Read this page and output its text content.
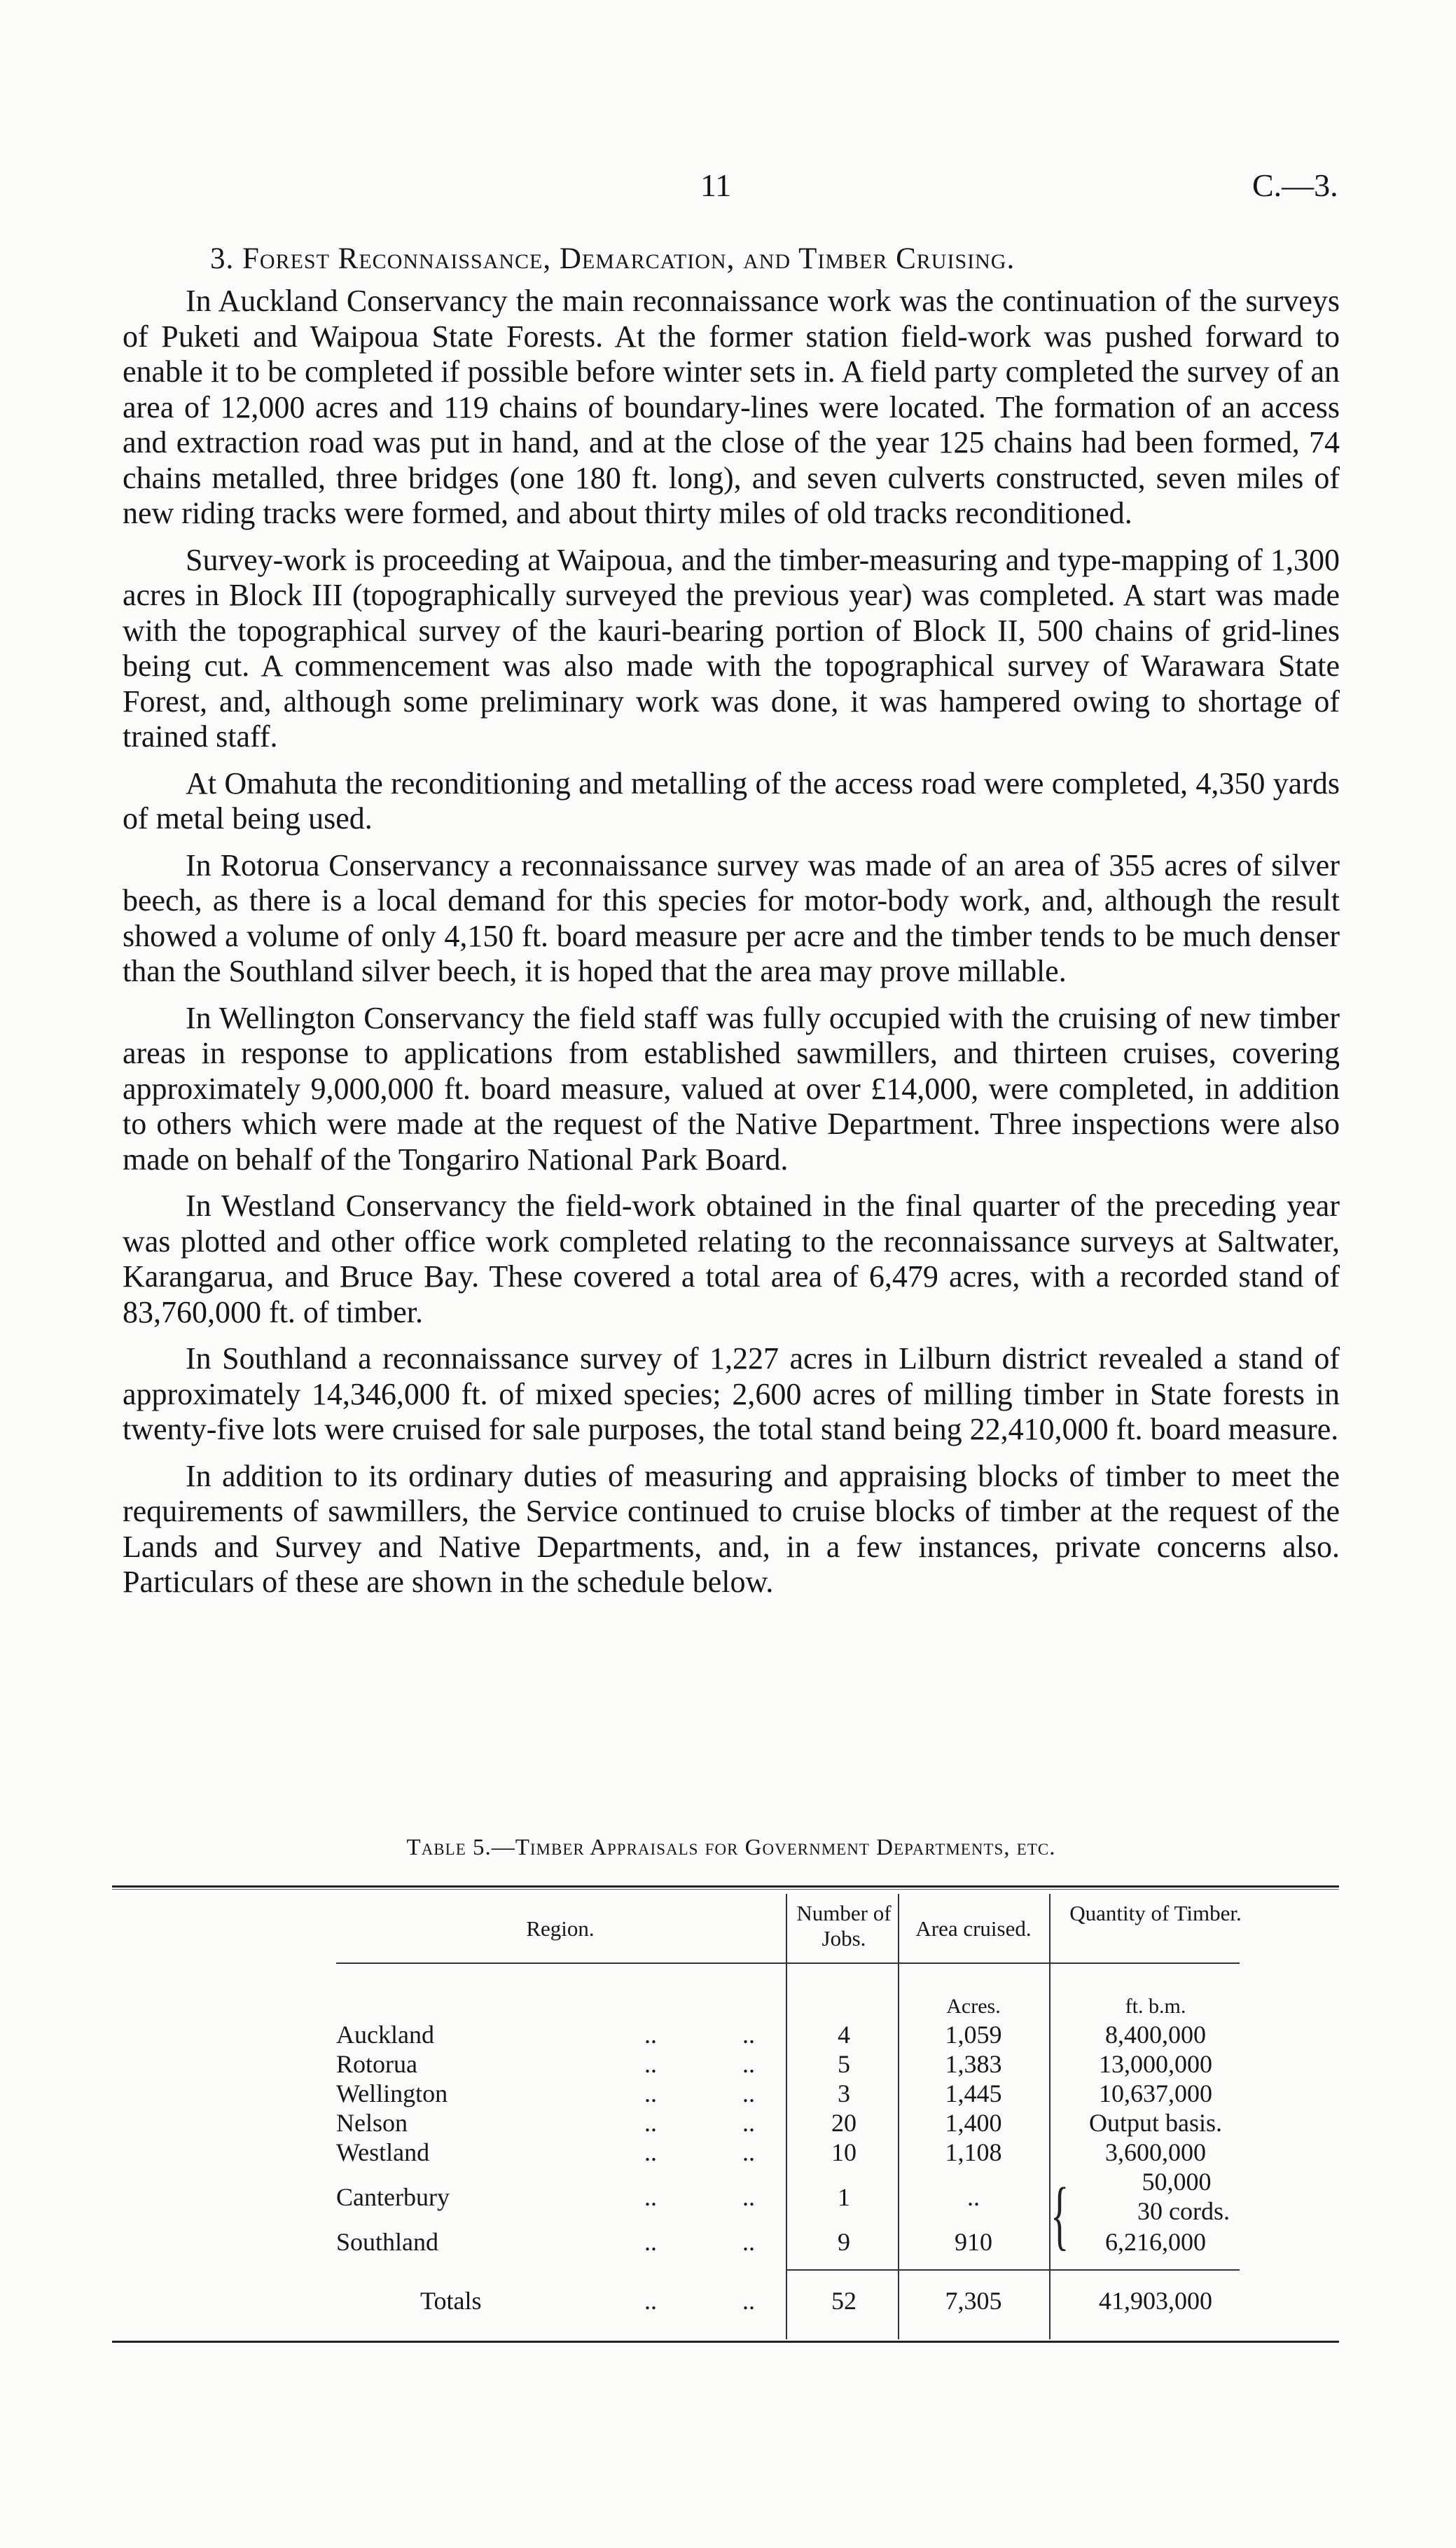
11	C.—3.
3. Forest Reconnaissance, Demarcation, and Timber Cruising.

In Auckland Conservancy the main reconnaissance work was the continuation of the surveys of Puketi and Waipoua State Forests. At the former station field-work was pushed forward to enable it to be completed if possible before winter sets in. A field party completed the survey of an area of 12,000 acres and 119 chains of boundary-lines were located. The formation of an access and extraction road was put in hand, and at the close of the year 125 chains had been formed, 74 chains metalled, three bridges (one 180 ft. long), and seven culverts constructed, seven miles of new riding tracks were formed, and about thirty miles of old tracks reconditioned.

Survey-work is proceeding at Waipoua, and the timber-measuring and type-mapping of 1,300 acres in Block III (topographically surveyed the previous year) was completed. A start was made with the topographical survey of the kauri-bearing portion of Block II, 500 chains of grid-lines being cut. A commencement was also made with the topographical survey of Warawara State Forest, and, although some preliminary work was done, it was hampered owing to shortage of trained staff.

At Omahuta the reconditioning and metalling of the access road were completed, 4,350 yards of metal being used.

In Rotorua Conservancy a reconnaissance survey was made of an area of 355 acres of silver beech, as there is a local demand for this species for motor-body work, and, although the result showed a volume of only 4,150 ft. board measure per acre and the timber tends to be much denser than the Southland silver beech, it is hoped that the area may prove millable.

In Wellington Conservancy the field staff was fully occupied with the cruising of new timber areas in response to applications from established sawmillers, and thirteen cruises, covering approximately 9,000,000 ft. board measure, valued at over £14,000, were completed, in addition to others which were made at the request of the Native Department. Three inspections were also made on behalf of the Tongariro National Park Board.

In Westland Conservancy the field-work obtained in the final quarter of the preceding year was plotted and other office work completed relating to the reconnaissance surveys at Saltwater, Karangarua, and Bruce Bay. These covered a total area of 6,479 acres, with a recorded stand of 83,760,000 ft. of timber.

In Southland a reconnaissance survey of 1,227 acres in Lilburn district revealed a stand of approximately 14,346,000 ft. of mixed species; 2,600 acres of milling timber in State forests in twenty-five lots were cruised for sale purposes, the total stand being 22,410,000 ft. board measure.

In addition to its ordinary duties of measuring and appraising blocks of timber to meet the requirements of sawmillers, the Service continued to cruise blocks of timber at the request of the Lands and Survey and Native Departments, and, in a few instances, private concerns also. Particulars of these are shown in the schedule below.

Table 5.—Timber Appraisals for Government Departments, etc.
Region.
Number of Jobs.	Area cruised.
Quantity of Timber.
Acres.	ft. b.m.
Auckland	..	..	4	1,059	8,400,000
Rotorua	..	..	5	1,383	13,000,000
Wellington	..	..	3	1,445	10,637,000
Nelson	..	..	20	1,400	Output basis.
Westland	..	..	10	1,108	3,600,000
Canterbury	..	..	1	.. {	50,000
30 cords.
Southland	..	..	9	910	6,216,000
Totals	..	..	52	7,305	41,903,000
